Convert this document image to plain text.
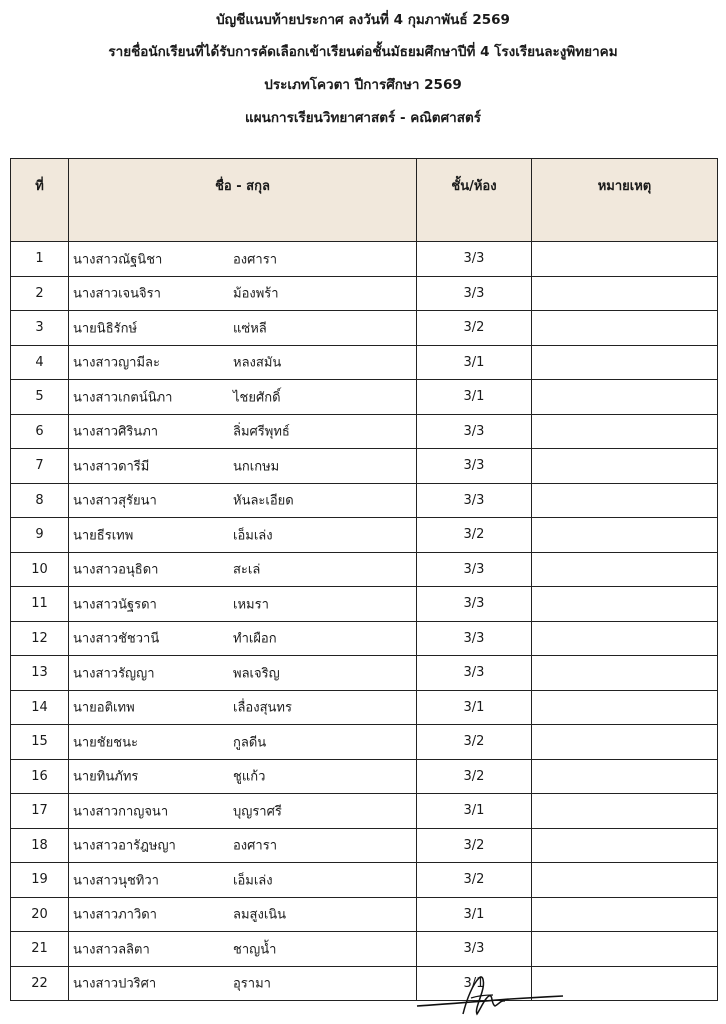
บัญชีแนบท้ายประกาศ ลงวันที่ 4 กุมภาพันธ์ 2569
รายชื่อนักเรียนที่ได้รับการคัดเลือกเข้าเรียนต่อชั้นมัธยมศึกษาปีที่ 4 โรงเรียนละงูพิทยาคม
ประเภทโควตา ปีการศึกษา 2569
แผนการเรียนวิทยาศาสตร์ - คณิตศาสตร์
ที่	ชื่อ - สกุล	ชั้น/ห้อง	หมายเหตุ
1	นางสาวณัฐนิชา องศารา	3/3	
2	นางสาวเจนจิรา ม้องพร้า	3/3	
3	นายนิธิรักษ์ แซ่หลี	3/2	
4	นางสาวญามีละ หลงสมัน	3/1	
5	นางสาวเกตน์นิภา ไชยศักดิ์	3/1	
6	นางสาวศิรินภา ลิ่มศรีพุทธ์	3/3	
7	นางสาวดารีมี นกเกษม	3/3	
8	นางสาวสุรัยนา หันละเอียด	3/3	
9	นายธีรเทพ เอ็มเล่ง	3/2	
10	นางสาวอนุธิดา สะเล่	3/3	
11	นางสาวนัฐรดา เหมรา	3/3	
12	นางสาวชัชวานี ทำเผือก	3/3	
13	นางสาวรัญญา พลเจริญ	3/3	
14	นายอติเทพ เลื่องสุนทร	3/1	
15	นายชัยชนะ กูลดีน	3/2	
16	นายทินภัทร ชูแก้ว	3/2	
17	นางสาวกาญจนา บุญราศรี	3/1	
18	นางสาวอารัฎษญา องศารา	3/2	
19	นางสาวนุชทิวา เอ็มเล่ง	3/2	
20	นางสาวภาวิดา ลมสูงเนิน	3/1	
21	นางสาวลลิตา ชาญน้ำ	3/3	
22	นางสาวปวริศา อุรามา	3/1	
